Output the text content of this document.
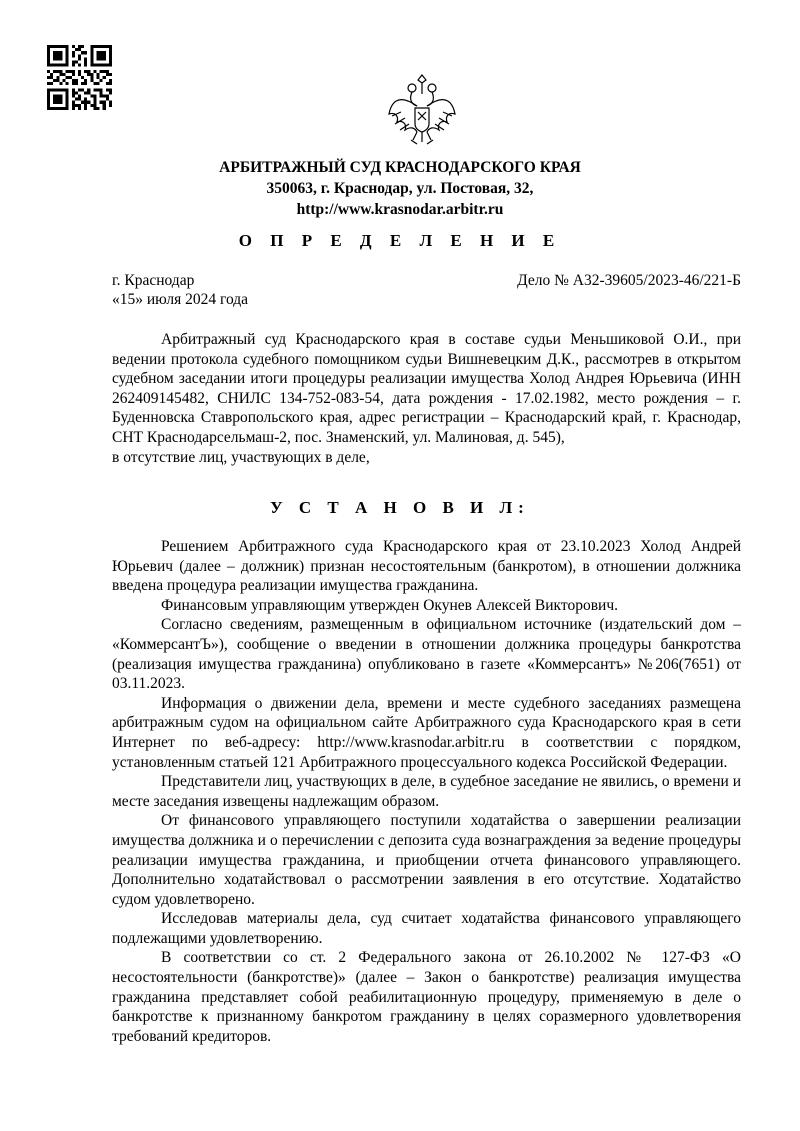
АРБИТРАЖНЫЙ СУД КРАСНОДАРСКОГО КРАЯ
350063, г. Краснодар, ул. Постовая, 32,
http://www.krasnodar.arbitr.ru
О П Р Е Д Е Л Е Н И Е
г. Краснодар
«15» июля 2024 года
Дело № А32-39605/2023-46/221-Б

Арбитражный суд Краснодарского края в составе судьи Меньшиковой О.И., при ведении протокола судебного помощником судьи Вишневецким Д.К., рассмотрев в открытом судебном заседании итоги процедуры реализации имущества Холод Андрея Юрьевича (ИНН 262409145482, СНИЛС 134-752-083-54, дата рождения - 17.02.1982, место рождения – г. Буденновска Ставропольского края, адрес регистрации – Краснодарский край, г. Краснодар, СНТ Краснодарсельмаш-2, пос. Знаменский, ул. Малиновая, д. 545),

в отсутствие лиц, участвующих в деле,

У С Т А Н О В И Л:

Решением Арбитражного суда Краснодарского края от 23.10.2023 Холод Андрей Юрьевич (далее – должник) признан несостоятельным (банкротом), в отношении должника введена процедура реализации имущества гражданина.

Финансовым управляющим утвержден Окунев Алексей Викторович.

Согласно сведениям, размещенным в официальном источнике (издательский дом – «КоммерсантЪ»), сообщение о введении в отношении должника процедуры банкротства (реализация имущества гражданина) опубликовано в газете «Коммерсантъ» №206(7651) от 03.11.2023.

Информация о движении дела, времени и месте судебного заседаниях размещена арбитражным судом на официальном сайте Арбитражного суда Краснодарского края в сети Интернет по веб-адресу: http://www.krasnodar.arbitr.ru в соответствии с порядком, установленным статьей 121 Арбитражного процессуального кодекса Российской Федерации.

Представители лиц, участвующих в деле, в судебное заседание не явились, о времени и месте заседания извещены надлежащим образом.

От финансового управляющего поступили ходатайства о завершении реализации имущества должника и о перечислении с депозита суда вознаграждения за ведение процедуры реализации имущества гражданина, и приобщении отчета финансового управляющего. Дополнительно ходатайствовал о рассмотрении заявления в его отсутствие. Ходатайство судом удовлетворено.

Исследовав материалы дела, суд считает ходатайства финансового управляющего подлежащими удовлетворению.

В соответствии со ст. 2 Федерального закона от 26.10.2002 № 127-ФЗ «О несостоятельности (банкротстве)» (далее – Закон о банкротстве) реализация имущества гражданина представляет собой реабилитационную процедуру, применяемую в деле о банкротстве к признанному банкротом гражданину в целях соразмерного удовлетворения требований кредиторов.
